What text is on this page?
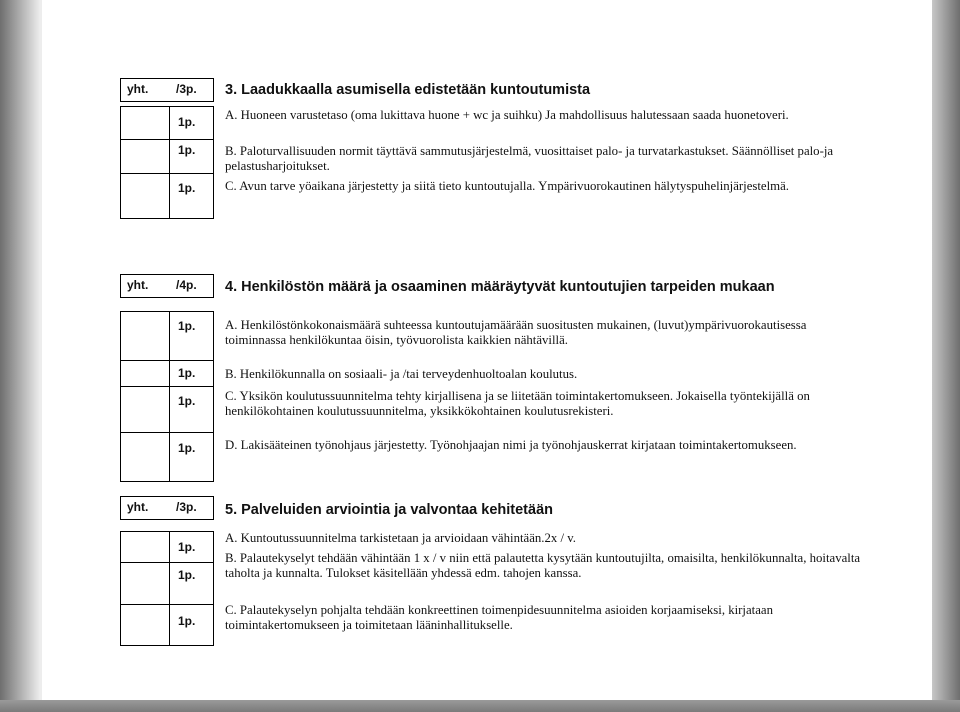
yht. /3p. 3. Laadukkaalla asumisella edistetään kuntoutumista
1p.
1p.
1p.
A. Huoneen varustetaso (oma lukittava huone + wc ja suihku) Ja mahdollisuus halutessaan saada huonetoveri.
B. Paloturvallisuuden normit täyttävä sammutusjärjestelmä, vuosittaiset palo- ja turvatarkastukset. Säännölliset palo-ja pelastusharjoitukset.
C. Avun tarve yöaikana järjestetty ja siitä tieto kuntoutujalla. Ympärivuorokautinen hälytyspuhelinjärjestelmä.
yht. /4p. 4. Henkilöstön määrä ja osaaminen määräytyvät kuntoutujien tarpeiden mukaan
1p.
1p.
1p.
1p.
A. Henkilöstönkokonaismäärä suhteessa kuntoutujamäärään suositusten mukainen, (luvut)ympärivuorokautisessa toiminnassa henkilökuntaa öisin, työvuorolista kaikkien nähtävillä.
B. Henkilökunnalla on sosiaali- ja /tai terveydenhuoltoalan koulutus.
C. Yksikön koulutussuunnitelma tehty kirjallisena ja se liitetään toimintakertomukseen. Jokaisella työntekijällä on henkilökohtainen koulutussuunnitelma, yksikkökohtainen koulutusrekisteri.
D. Lakisääteinen työnohjaus järjestetty. Työnohjaajan nimi ja työnohjauskerrat kirjataan toimintakertomukseen.
yht. /3p. 5. Palveluiden arviointia ja valvontaa kehitetään
1p.
1p.
1p.
A. Kuntoutussuunnitelma tarkistetaan ja arvioidaan vähintään.2x / v.
B. Palautekyselyt tehdään vähintään 1 x / v niin että palautetta kysytään kuntoutujilta, omaisilta, henkilökunnalta, hoitavalta taholta ja kunnalta. Tulokset käsitellään yhdessä edm. tahojen kanssa.
C. Palautekyselyn pohjalta tehdään konkreettinen toimenpidesuunnitelma asioiden korjaamiseksi, kirjataan toimintakertomukseen ja toimitetaan lääninhallitukselle.
